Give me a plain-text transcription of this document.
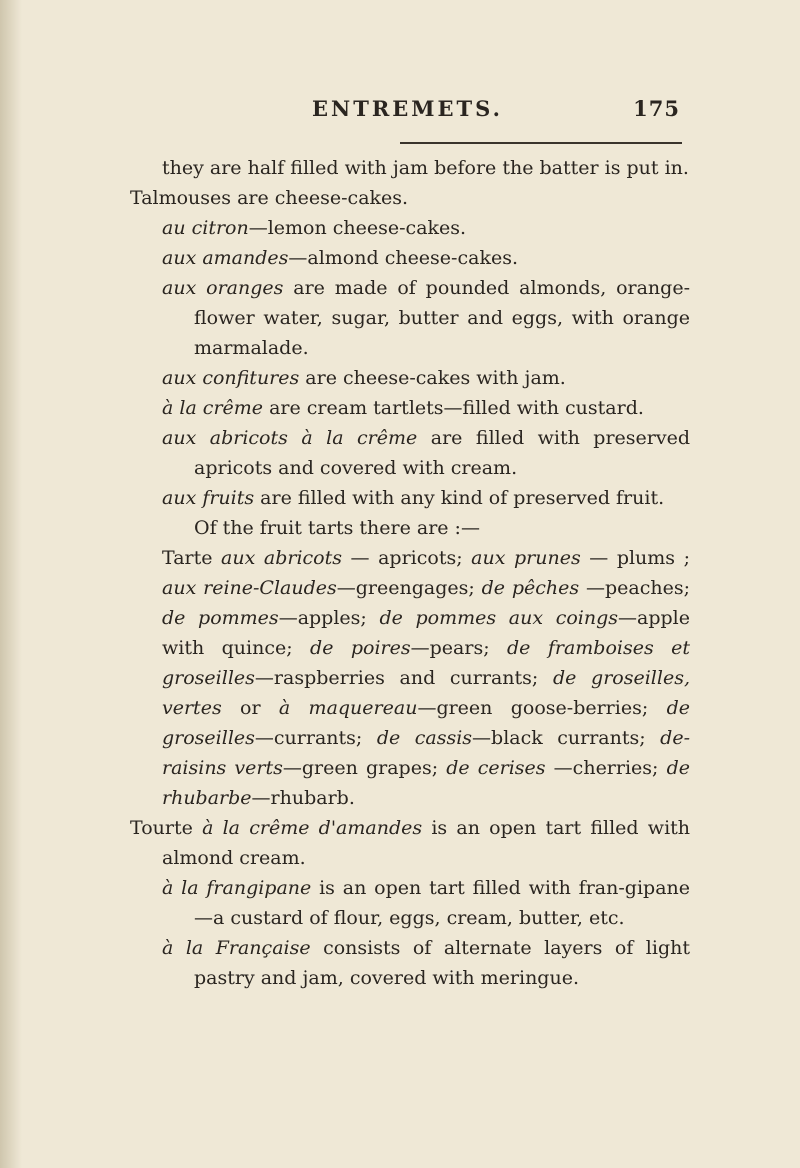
ENTREMETS.	175

they are half filled with jam before the batter is put in.

Talmouses are cheese-cakes.

au citron—lemon cheese-cakes.

aux amandes—almond cheese-cakes.

aux oranges are made of pounded almonds, orange-flower water, sugar, butter and eggs, with orange marmalade.

aux confitures are cheese-cakes with jam.

à la crême are cream tartlets—filled with custard.

aux abricots à la crême are filled with preserved apricots and covered with cream.

aux fruits are filled with any kind of preserved fruit.

Of the fruit tarts there are :—

Tarte aux abricots — apricots; aux prunes — plums ; aux reine-Claudes—greengages; de pêches —peaches; de pommes—apples; de pommes aux coings—apple with quince; de poires—pears; de framboises et groseilles—raspberries and currants; de groseilles, vertes or à maquereau—green goose-berries; de groseilles—currants; de cassis—black currants; de-raisins verts—green grapes; de cerises —cherries; de rhubarbe—rhubarb.

Tourte à la crême d'amandes is an open tart filled with almond cream.

à la frangipane is an open tart filled with fran-gipane—a custard of flour, eggs, cream, butter, etc.

à la Française consists of alternate layers of light pastry and jam, covered with meringue.
